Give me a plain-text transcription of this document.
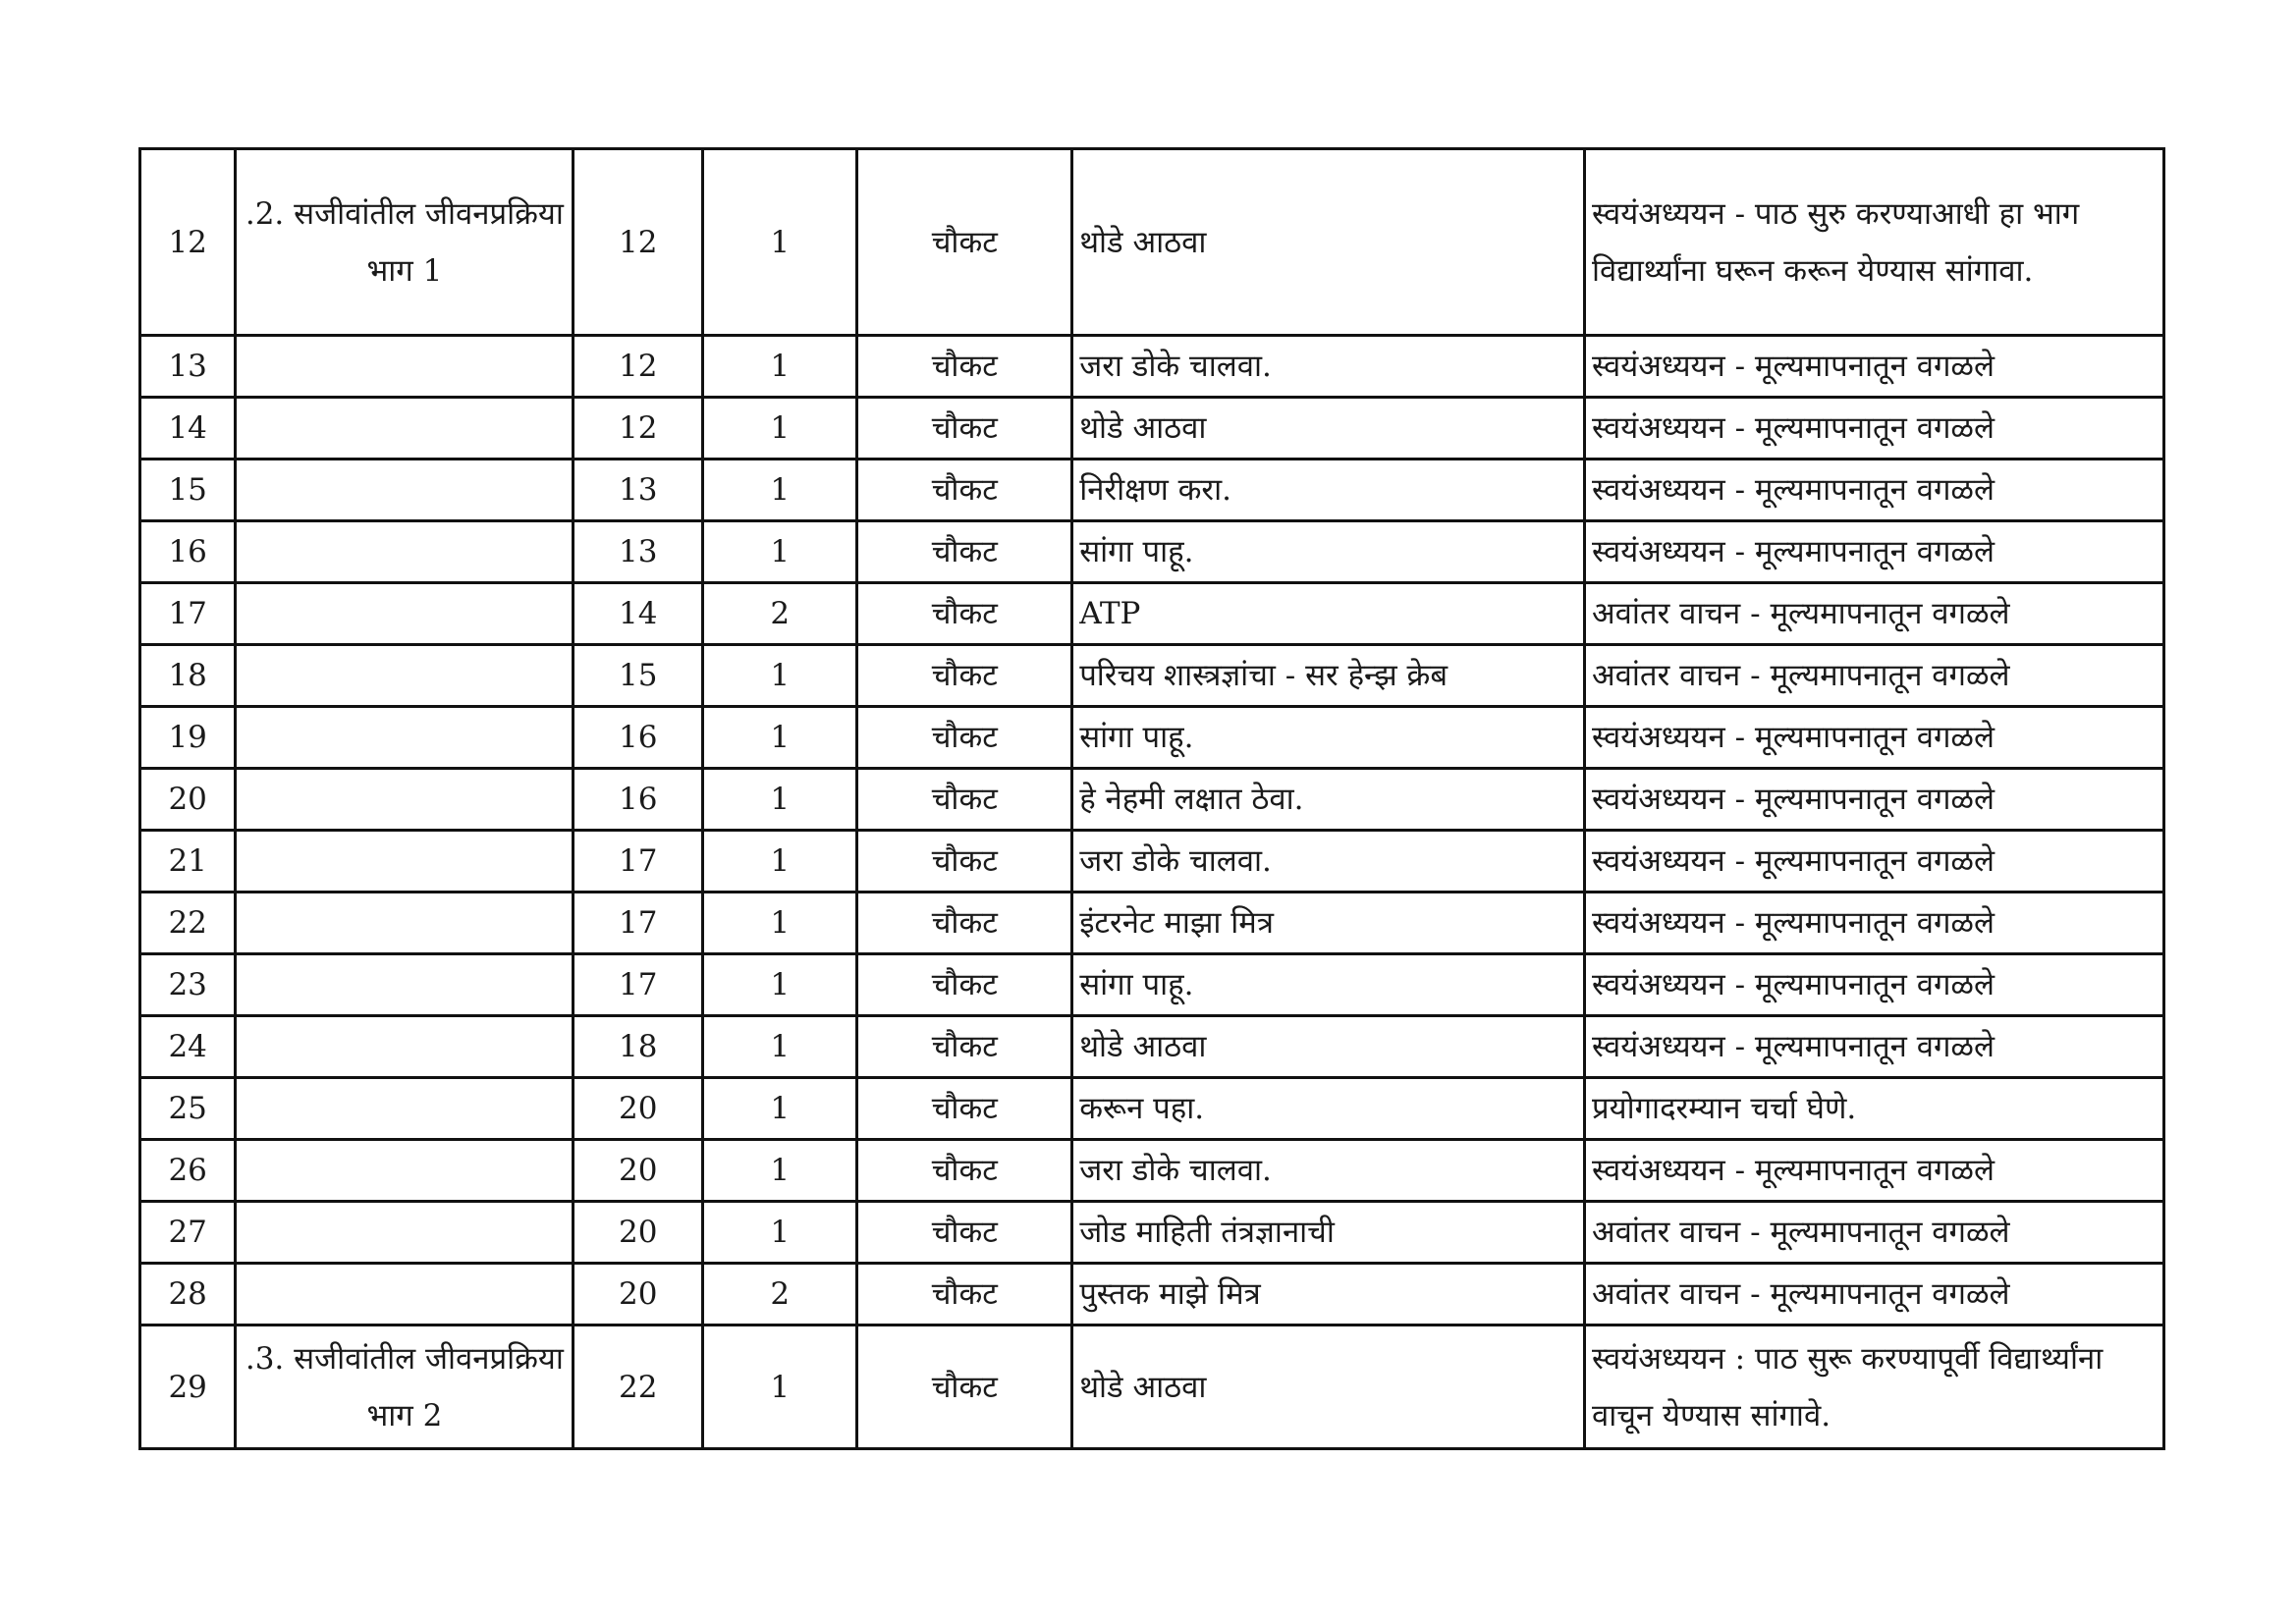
12	.2. सजीवांतील जीवनप्रक्रिया भाग 1	12	1	चौकट	थोडे आठवा	स्वयंअध्ययन - पाठ सुरु करण्याआधी हा भाग विद्यार्थ्यांना घरून करून येण्यास सांगावा.
13		12	1	चौकट	जरा डोके चालवा.	स्वयंअध्ययन - मूल्यमापनातून वगळले
14		12	1	चौकट	थोडे आठवा	स्वयंअध्ययन - मूल्यमापनातून वगळले
15		13	1	चौकट	निरीक्षण करा.	स्वयंअध्ययन - मूल्यमापनातून वगळले
16		13	1	चौकट	सांगा पाहू.	स्वयंअध्ययन - मूल्यमापनातून वगळले
17		14	2	चौकट	ATP	अवांतर वाचन - मूल्यमापनातून वगळले
18		15	1	चौकट	परिचय शास्त्रज्ञांचा - सर हेन्झ क्रेब	अवांतर वाचन - मूल्यमापनातून वगळले
19		16	1	चौकट	सांगा पाहू.	स्वयंअध्ययन - मूल्यमापनातून वगळले
20		16	1	चौकट	हे नेहमी लक्षात ठेवा.	स्वयंअध्ययन - मूल्यमापनातून वगळले
21		17	1	चौकट	जरा डोके चालवा.	स्वयंअध्ययन - मूल्यमापनातून वगळले
22		17	1	चौकट	इंटरनेट माझा मित्र	स्वयंअध्ययन - मूल्यमापनातून वगळले
23		17	1	चौकट	सांगा पाहू.	स्वयंअध्ययन - मूल्यमापनातून वगळले
24		18	1	चौकट	थोडे आठवा	स्वयंअध्ययन - मूल्यमापनातून वगळले
25		20	1	चौकट	करून पहा.	प्रयोगादरम्यान चर्चा घेणे.
26		20	1	चौकट	जरा डोके चालवा.	स्वयंअध्ययन - मूल्यमापनातून वगळले
27		20	1	चौकट	जोड माहिती तंत्रज्ञानाची	अवांतर वाचन - मूल्यमापनातून वगळले
28		20	2	चौकट	पुस्तक माझे मित्र	अवांतर वाचन - मूल्यमापनातून वगळले
29	.3. सजीवांतील जीवनप्रक्रिया भाग 2	22	1	चौकट	थोडे आठवा	स्वयंअध्ययन : पाठ सुरू करण्यापूर्वी विद्यार्थ्यांना वाचून येण्यास सांगावे.
